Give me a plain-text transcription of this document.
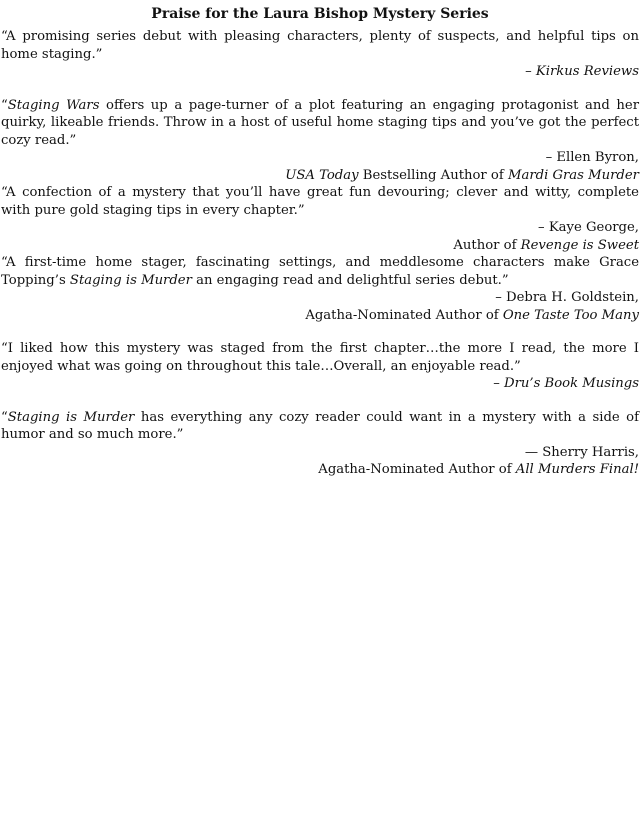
Praise for the Laura Bishop Mystery Series

“A promising series debut with pleasing characters, plenty of suspects, and helpful tips on home staging.”

– Kirkus Reviews

“Staging Wars offers up a page-turner of a plot featuring an engaging protagonist and her quirky, likeable friends. Throw in a host of useful home staging tips and you’ve got the perfect cozy read.”

– Ellen Byron,

USA Today Bestselling Author of Mardi Gras Murder

“A confection of a mystery that you’ll have great fun devouring; clever and witty, complete with pure gold staging tips in every chapter.”

– Kaye George,

Author of Revenge is Sweet

“A first-time home stager, fascinating settings, and meddlesome characters make Grace Topping’s Staging is Murder an engaging read and delightful series debut.”

– Debra H. Goldstein,

Agatha-Nominated Author of One Taste Too Many

“I liked how this mystery was staged from the first chapter…the more I read, the more I enjoyed what was going on throughout this tale…Overall, an enjoyable read.”

– Dru’s Book Musings

“Staging is Murder has everything any cozy reader could want in a mystery with a side of humor and so much more.”

— Sherry Harris,

Agatha-Nominated Author of All Murders Final!
